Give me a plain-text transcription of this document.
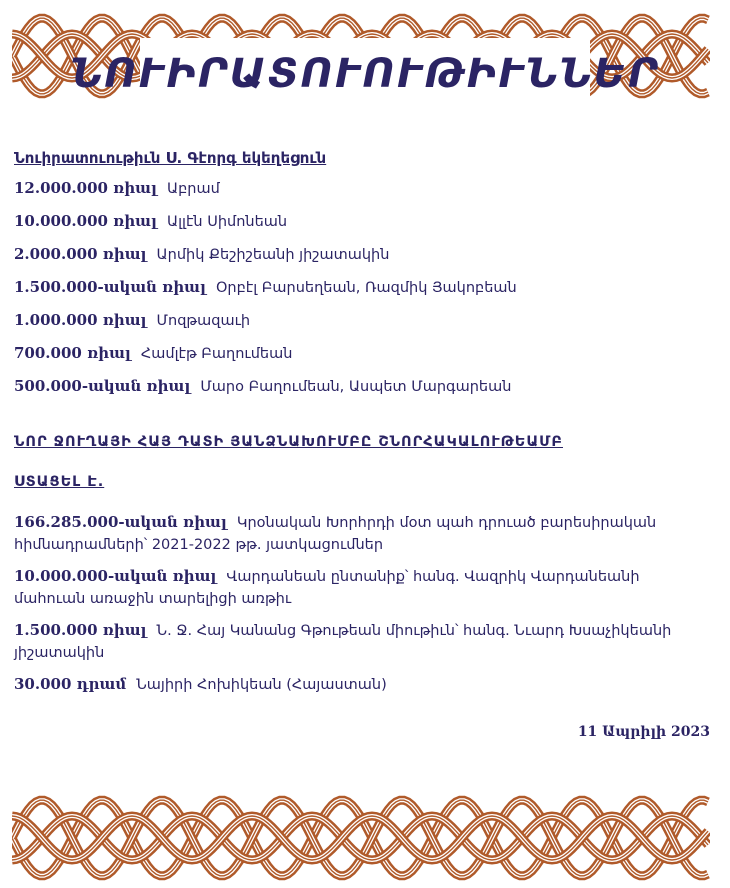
ՆՈՒԻՐԱՏՈՒՈՒԹԻՒՆՆԵՐ

Նուիրատուութիւն Ս. Գէորգ եկեղեցուն

12.000.000 ռիալ Աբրամ

10.000.000 ռիալ Ալլէն Սիմոնեան

2.000.000 ռիալ Արմիկ Քեշիշեանի յիշատակին

1.500.000-ական ռիալ Օրբէլ Բարսեղեան, Ռազմիկ Յակոբեան

1.000.000 ռիալ Մոզթազաւի

700.000 ռիալ Համլէթ Բաղումեան

500.000-ական ռիալ Մարօ Բաղումեան, Ասպետ Մարգարեան

ՆՈՐ ՋՈՒՂԱՅԻ ՀԱՅ ԴԱՏԻ ՅԱՆՁՆԱԽՈՒՄԲԸ ՇՆՈՐՀԱԿԱԼՈՒԹԵԱՄԲ

ՍՏԱՑԵԼ Է.

166.285.000-ական ռիալ Կրօնական Խորհրդի մօտ պահ դրուած բարեսիրական հիմնադրամների՝ 2021-2022 թթ. յատկացումներ

10.000.000-ական ռիալ Վարդանեան ընտանիք՝ հանգ. Վազրիկ Վարդանեանի մահուան առաջին տարելիցի առթիւ

1.500.000 ռիալ Ն. Ջ. Հայ Կանանց Գթութեան միութիւն՝ հանգ. Նւարդ Խսաչիկեանի յիշատակին

30.000 դրամ Նայիրի Հոխիկեան (Հայաստան)

11 Ապրիլի 2023
